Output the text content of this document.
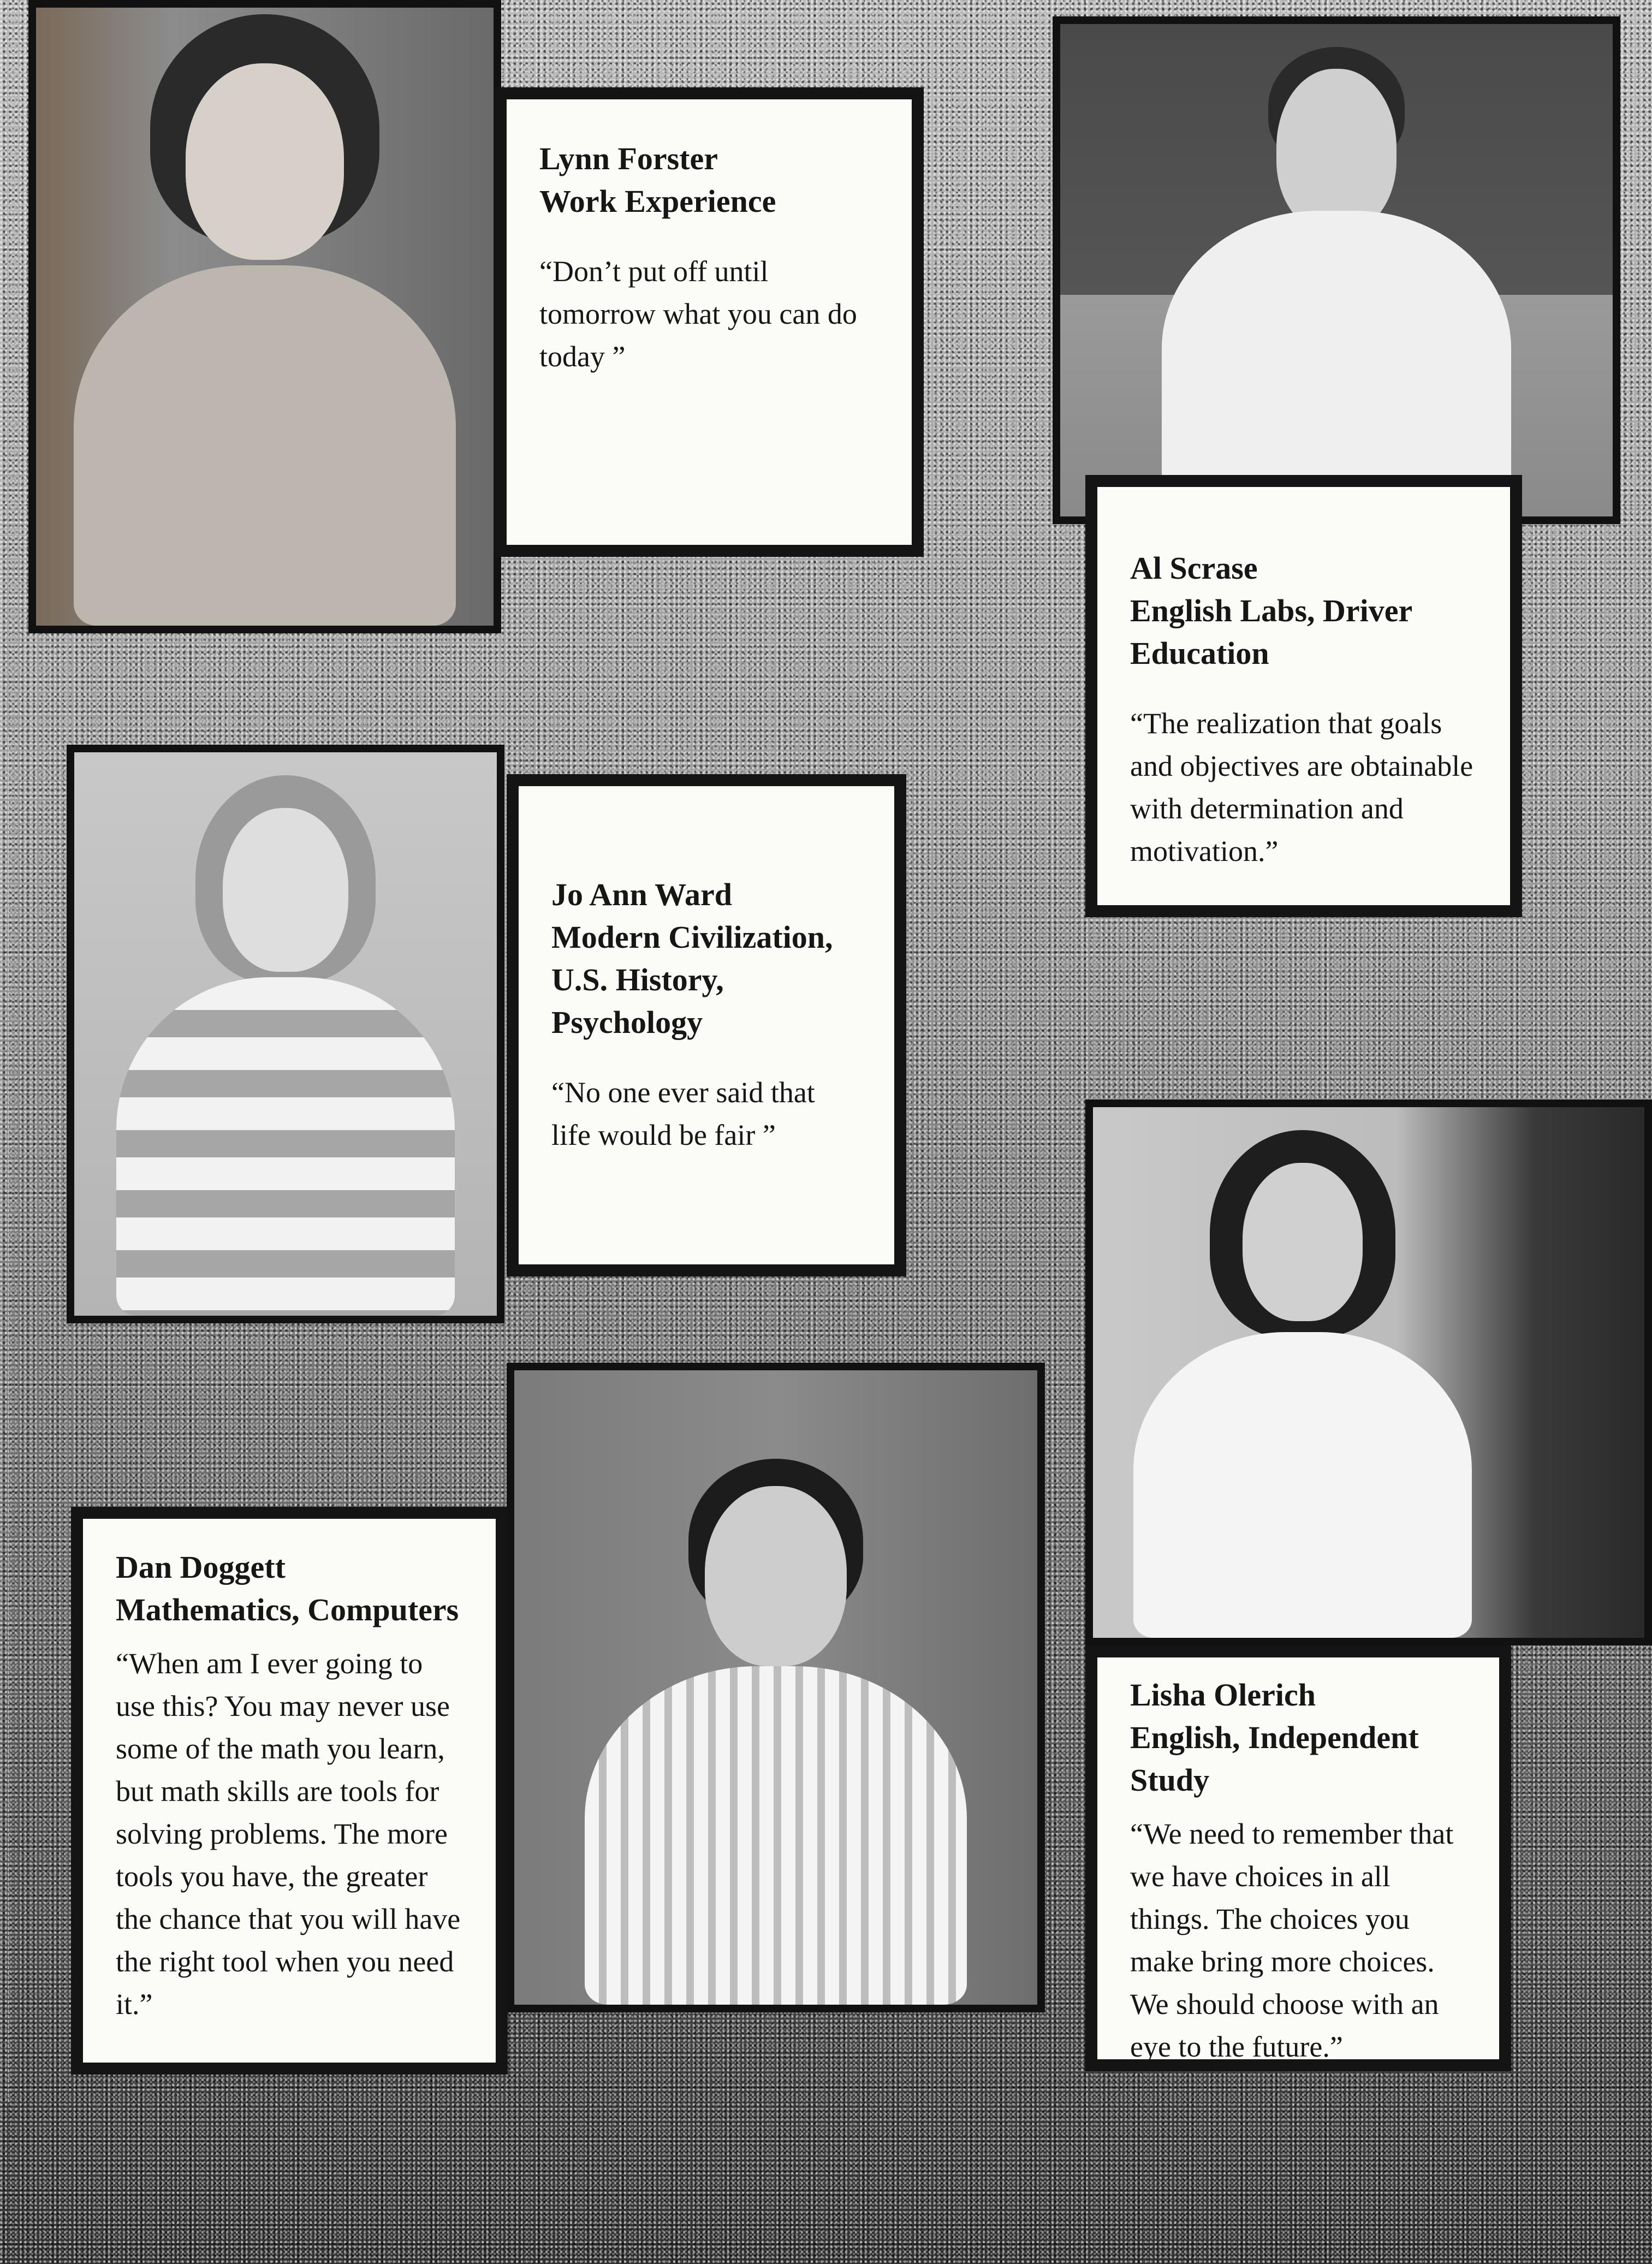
Lynn Forster
Work Experience
“Don’t put off until tomorrow what you can do today ”
Al Scrase
English Labs, Driver Education
“The realization that goals and objectives are obtainable with determination and motivation.”
Jo Ann Ward
Modern Civilization, U.S. History, Psychology
“No one ever said that life would be fair ”
Lisha Olerich
English, Independent Study
“We need to remember that we have choices in all things. The choices you make bring more choices. We should choose with an eye to the future.”
Dan Doggett
Mathematics, Computers
“When am I ever going to use this? You may never use some of the math you learn, but math skills are tools for solving problems. The more tools you have, the greater the chance that you will have the right tool when you need it.”
